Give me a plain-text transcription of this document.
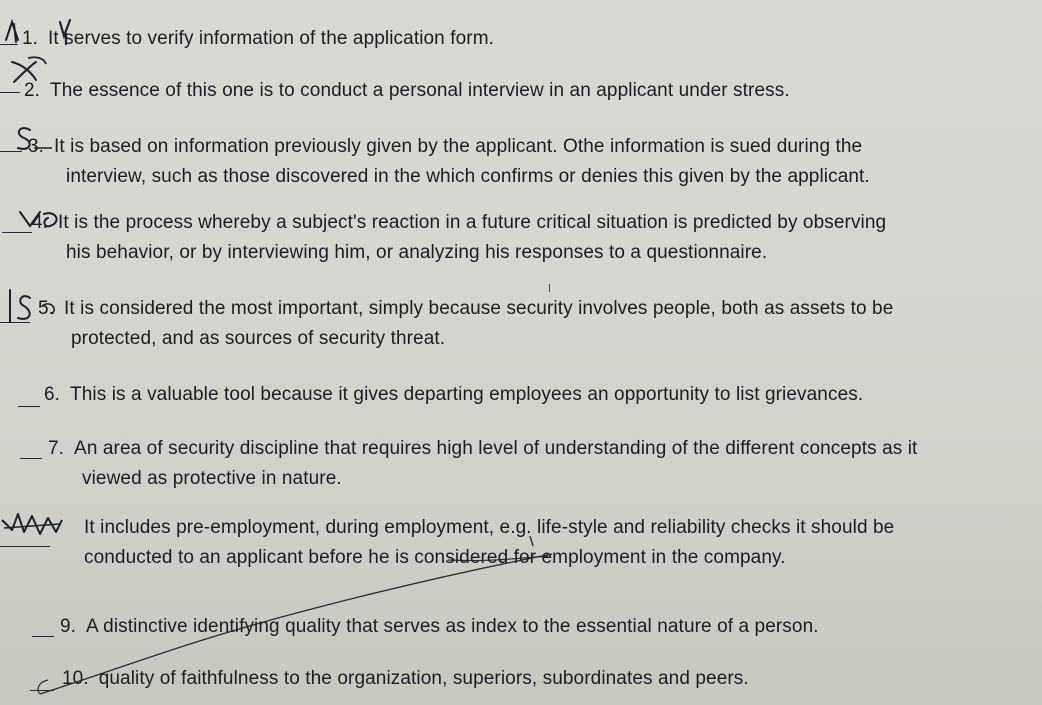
1. It serves to verify information of the application form.
2. The essence of this one is to conduct a personal interview in an applicant under stress.
3. It is based on information previously given by the applicant. Othe information is sued during the
interview, such as those discovered in the which confirms or denies this given by the applicant.
4. It is the process whereby a subject's reaction in a future critical situation is predicted by observing
his behavior, or by interviewing him, or analyzing his responses to a questionnaire.
5. It is considered the most important, simply because security involves people, both as assets to be
protected, and as sources of security threat.
6. This is a valuable tool because it gives departing employees an opportunity to list grievances.
7. An area of security discipline that requires high level of understanding of the different concepts as it
viewed as protective in nature.
It includes pre-employment, during employment, e.g. life-style and reliability checks it should be
conducted to an applicant before he is considered for employment in the company.
9. A distinctive identifying quality that serves as index to the essential nature of a person.
10. quality of faithfulness to the organization, superiors, subordinates and peers.
